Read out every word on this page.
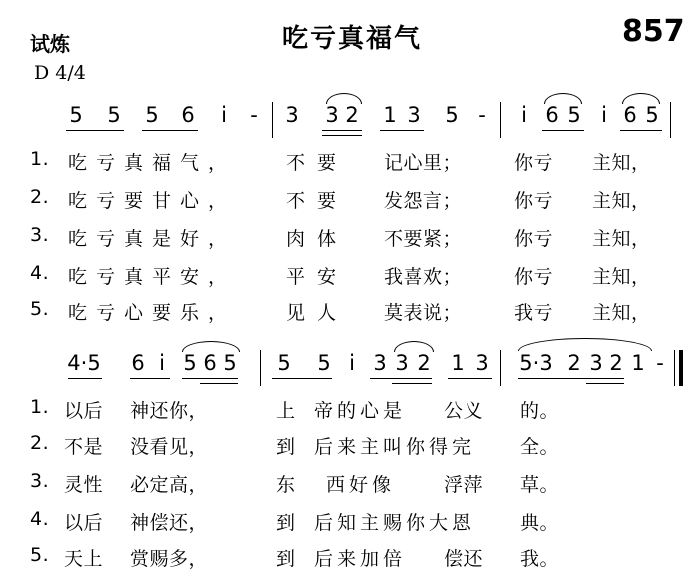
试炼	吃亏真福气	857
D 4/4
5 5 5 6 i - 3 3 2 1 3 5 - i 6 5 i 6 5
1. 吃亏真福气，	不要 记心里；	你亏 主知，
2. 吃亏要甘心，	不要 发怨言；	你亏 主知，
3. 吃亏真是好，	肉体 不要紧；	你亏 主知，
4. 吃亏真平安，	平安 我喜欢；	你亏 主知，
5. 吃亏心要乐，	见人 莫表说；	我亏 主知，
4·5 6 i 5 6 5 5 5 i 3 3 2 1 3 5·3 2 3 2 1 -
1. 以后 神还你，	上 帝的心是 公义 的。
2. 不是 没看见，	到 后来主叫你得完 全。
3. 灵性 必定高，	东 西好像	浮萍 草。
4. 以后 神偿还，	到 后知主赐你大恩 典。
5. 天上 赏赐多，	到 后来加倍 偿还 我。
